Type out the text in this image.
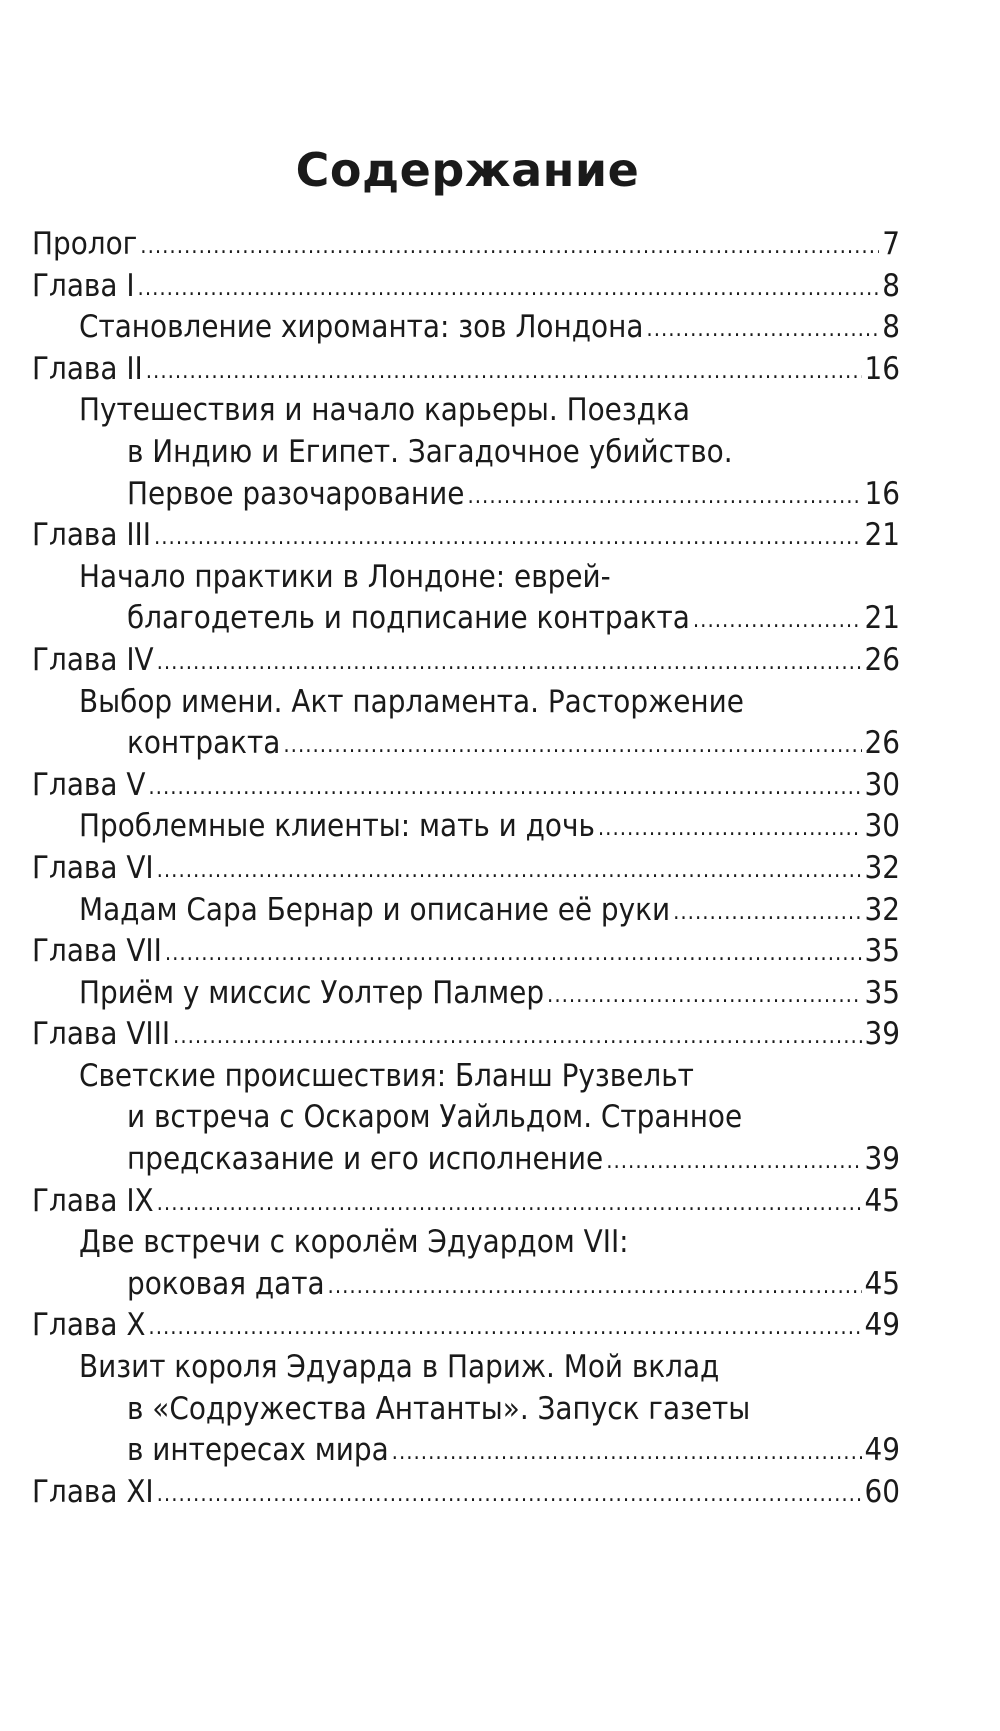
Содержание
Пролог .....	7
Глава I .....	8
Становление хироманта: зов Лондона .....	8
Глава II .....	16
Путешествия и начало карьеры. Поездка
в Индию и Египет. Загадочное убийство.
Первое разочарование .....	16
Глава III .....	21
Начало практики в Лондоне: еврей-
благодетель и подписание контракта .....	21
Глава IV .....	26
Выбор имени. Акт парламента. Расторжение
контракта .....	26
Глава V .....	30
Проблемные клиенты: мать и дочь .....	30
Глава VI .....	32
Мадам Сара Бернар и описание её руки .....	32
Глава VII .....	35
Приём у миссис Уолтер Палмер .....	35
Глава VIII .....	39
Светские происшествия: Бланш Рузвельт
и встреча с Оскаром Уайльдом. Странное
предсказание и его исполнение .....	39
Глава IX .....	45
Две встречи с королём Эдуардом VII:
роковая дата .....	45
Глава X .....	49
Визит короля Эдуарда в Париж. Мой вклад
в «Содружества Антанты». Запуск газеты
в интересах мира .....	49
Глава XI .....	60
